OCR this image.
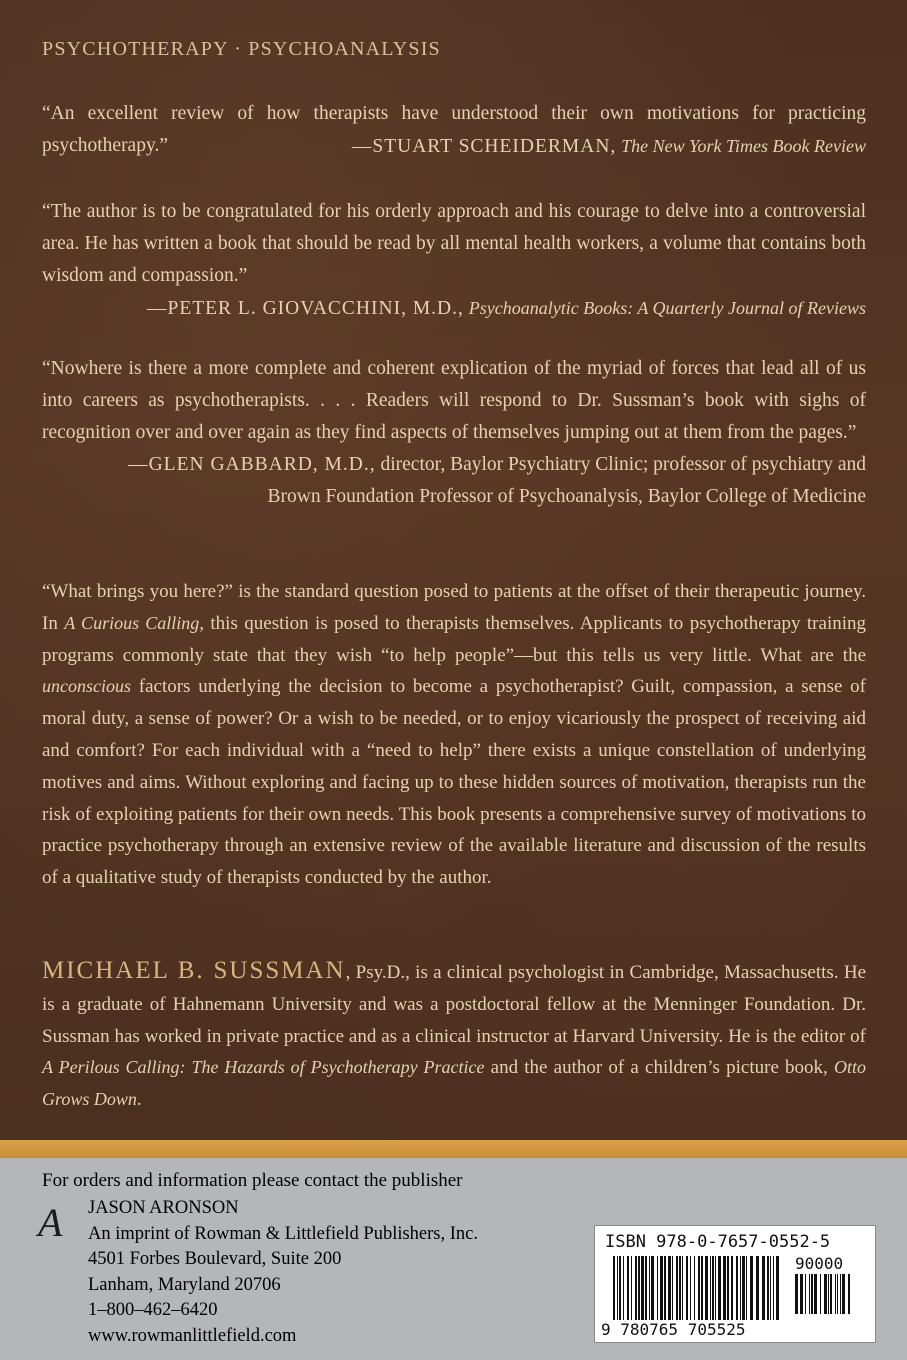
PSYCHOTHERAPY · PSYCHOANALYSIS
“An excellent review of how therapists have understood their own motivations for practicing psychotherapy.”	—STUART SCHEIDERMAN, The New York Times Book Review
“The author is to be congratulated for his orderly approach and his courage to delve into a controversial area. He has written a book that should be read by all mental health workers, a volume that contains both wisdom and compassion.”
—PETER L. GIOVACCHINI, M.D., Psychoanalytic Books: A Quarterly Journal of Reviews
“Nowhere is there a more complete and coherent explication of the myriad of forces that lead all of us into careers as psychotherapists. . . . Readers will respond to Dr. Sussman’s book with sighs of recognition over and over again as they find aspects of themselves jumping out at them from the pages.”
—GLEN GABBARD, M.D., director, Baylor Psychiatry Clinic; professor of psychiatry and
Brown Foundation Professor of Psychoanalysis, Baylor College of Medicine
“What brings you here?” is the standard question posed to patients at the offset of their therapeutic journey. In A Curious Calling, this question is posed to therapists themselves. Applicants to psychotherapy training programs commonly state that they wish “to help people”—but this tells us very little. What are the unconscious factors underlying the decision to become a psychotherapist? Guilt, compassion, a sense of moral duty, a sense of power? Or a wish to be needed, or to enjoy vicariously the prospect of receiving aid and comfort? For each individual with a “need to help” there exists a unique constellation of underlying motives and aims. Without exploring and facing up to these hidden sources of motivation, therapists run the risk of exploiting patients for their own needs. This book presents a comprehensive survey of motivations to practice psychotherapy through an extensive review of the available literature and discussion of the results of a qualitative study of therapists conducted by the author.
MICHAEL B. SUSSMAN, Psy.D., is a clinical psychologist in Cambridge, Massachusetts. He is a graduate of Hahnemann University and was a postdoctoral fellow at the Menninger Foundation. Dr. Sussman has worked in private practice and as a clinical instructor at Harvard University. He is the editor of A Perilous Calling: The Hazards of Psychotherapy Practice and the author of a children’s picture book, Otto Grows Down.
For orders and information please contact the publisher
A	JASON ARONSON
An imprint of Rowman & Littlefield Publishers, Inc.
4501 Forbes Boulevard, Suite 200
Lanham, Maryland 20706
1–800–462–6420
www.rowmanlittlefield.com
ISBN 978-0-7657-0552-5
90000
9 780765 705525
